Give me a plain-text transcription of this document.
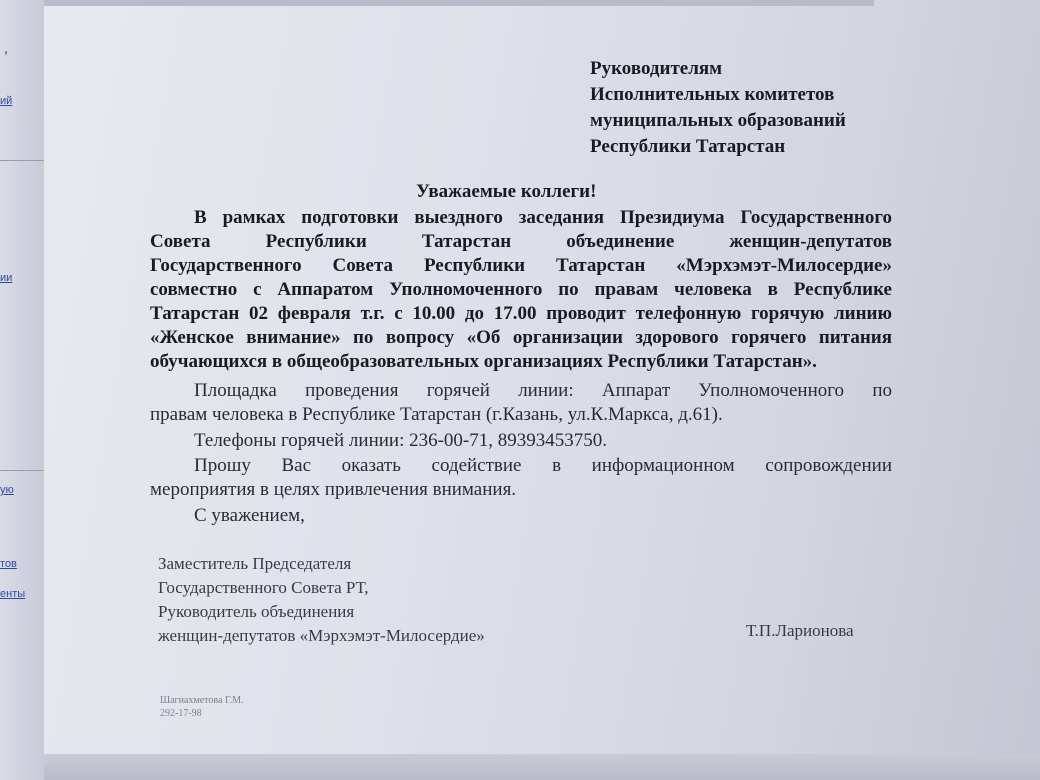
,
ий
ии
ую
тов
енты
Руководителям
Исполнительных комитетов
муниципальных образований
Республики Татарстан
Уважаемые коллеги!
В рамках подготовки выездного заседания Президиума Государственного
Совета Республики Татарстан объединение женщин-депутатов
Государственного Совета Республики Татарстан «Мэрхэмэт-Милосердие»
совместно с Аппаратом Уполномоченного по правам человека в Республике
Татарстан 02 февраля т.г. с 10.00 до 17.00 проводит телефонную горячую линию
«Женское внимание» по вопросу «Об организации здорового горячего питания
обучающихся в общеобразовательных организациях Республики Татарстан».
Площадка проведения горячей линии: Аппарат Уполномоченного по
правам человека в Республике Татарстан (г.Казань, ул.К.Маркса, д.61).
Телефоны горячей линии: 236-00-71, 89393453750.
Прошу Вас оказать содействие в информационном сопровождении
мероприятия в целях привлечения внимания.
С уважением,
Заместитель Председателя
Государственного Совета РТ,
Руководитель объединения
женщин-депутатов «Мэрхэмэт-Милосердие»	Т.П.Ларионова
Шагиахметова Г.М.
292-17-98
